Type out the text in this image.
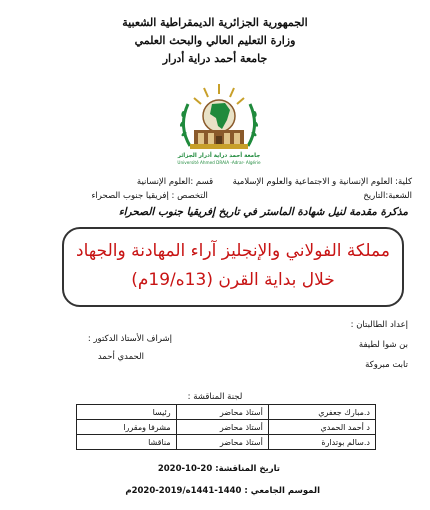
الجمهورية الجزائرية الديمقراطية الشعبية
وزارة التعليم العالي والبحث العلمي
جامعة أحمد دراية أدرار
جامعة أحمد دراية أدرار الجزائر
Université Ahmed DRAIA -Adrar- Algérie
كلية: العلوم الإنسانية و الاجتماعية والعلوم الإسلامية  قسم :العلوم الإنسانية
الشعبة:التاريخ  التخصص : إفريقيا جنوب الصحراء
مذكرة مقدمة لنيل شهادة الماستر في تاريخ إفريقيا جنوب الصحراء
مملكة الفولاني والإنجليز آراء المهادنة والجهاد
خلال بداية القرن (13ه/19م)
إعداد الطالبتان :
بن شوا لطيفة
تابت مبروكة
إشراف الأستاذ الدكتور :
الحمدي أحمد
لجنة المناقشة :
د.مبارك جعفري	أستاذ محاضر	رئيسا
د أحمد الحمدي	أستاذ محاضر	مشرفا ومقررا
د.سالم بوتدارة	أستاذ محاضر	مناقشا
تاريخ المناقشة: 20-10-2020
الموسم الجامعي : 1440-1441ه/2019-2020م
